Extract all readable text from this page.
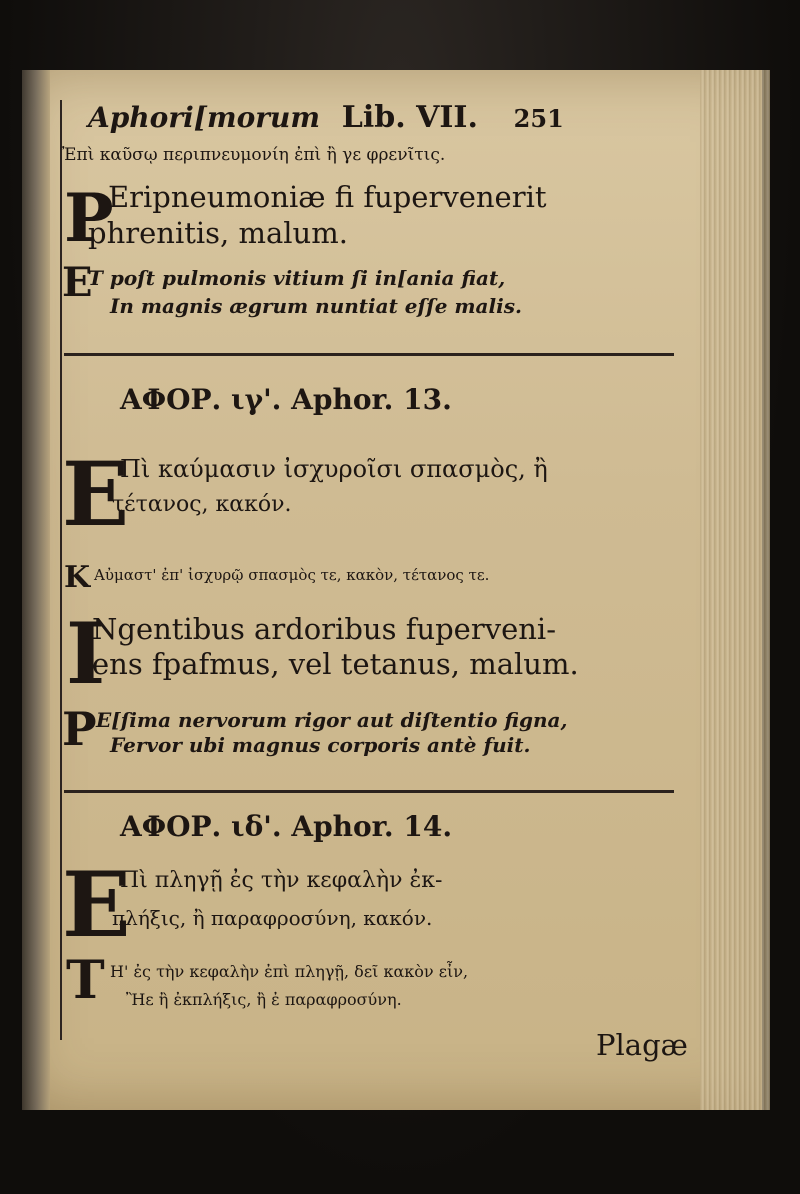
Aphori[morum Lib. VII. 251
Ἐπὶ καῦσῳ περιπνευμονίη ἐπὶ ἢ γε φρενῖτις.
P
Eripneumoniæ fi fupervenerit
phrenitis, malum.
E
T poſt pulmonis vitium ſi in[ania fiat,
In magnis ægrum nuntiat eſſe malis.
ΑΦΟΡ. ιγ'. Aphor. 13.
E
Πὶ καύμασιν ἰσχυροῖσι σπασμὸς, ἢ
τέτανος, κακόν.
K Αὐμαστ' ἐπ' ἰσχυρῷ σπασμὸς τε, κακὸν, τέτανος τε.
I
Ngentibus ardoribus fuperveni-
ens fpafmus, vel tetanus, malum.
P E[ſima nervorum rigor aut diſtentio figna,
Fervor ubi magnus corporis antè fuit.
ΑΦΟΡ. ιδ'. Aphor. 14.
E
Πὶ πληγῇ ἐς τὴν κεφαλὴν ἐκ-
πλήξις, ἢ παραφροσύνη, κακόν.
T Η' ἐς τὴν κεφαλὴν ἐπὶ πληγῇ, δεῖ κακὸν εἶν,
Ἢε ἢ ἐκπλήξις, ἢ ἐ παραφροσύνη.
Plagæ
